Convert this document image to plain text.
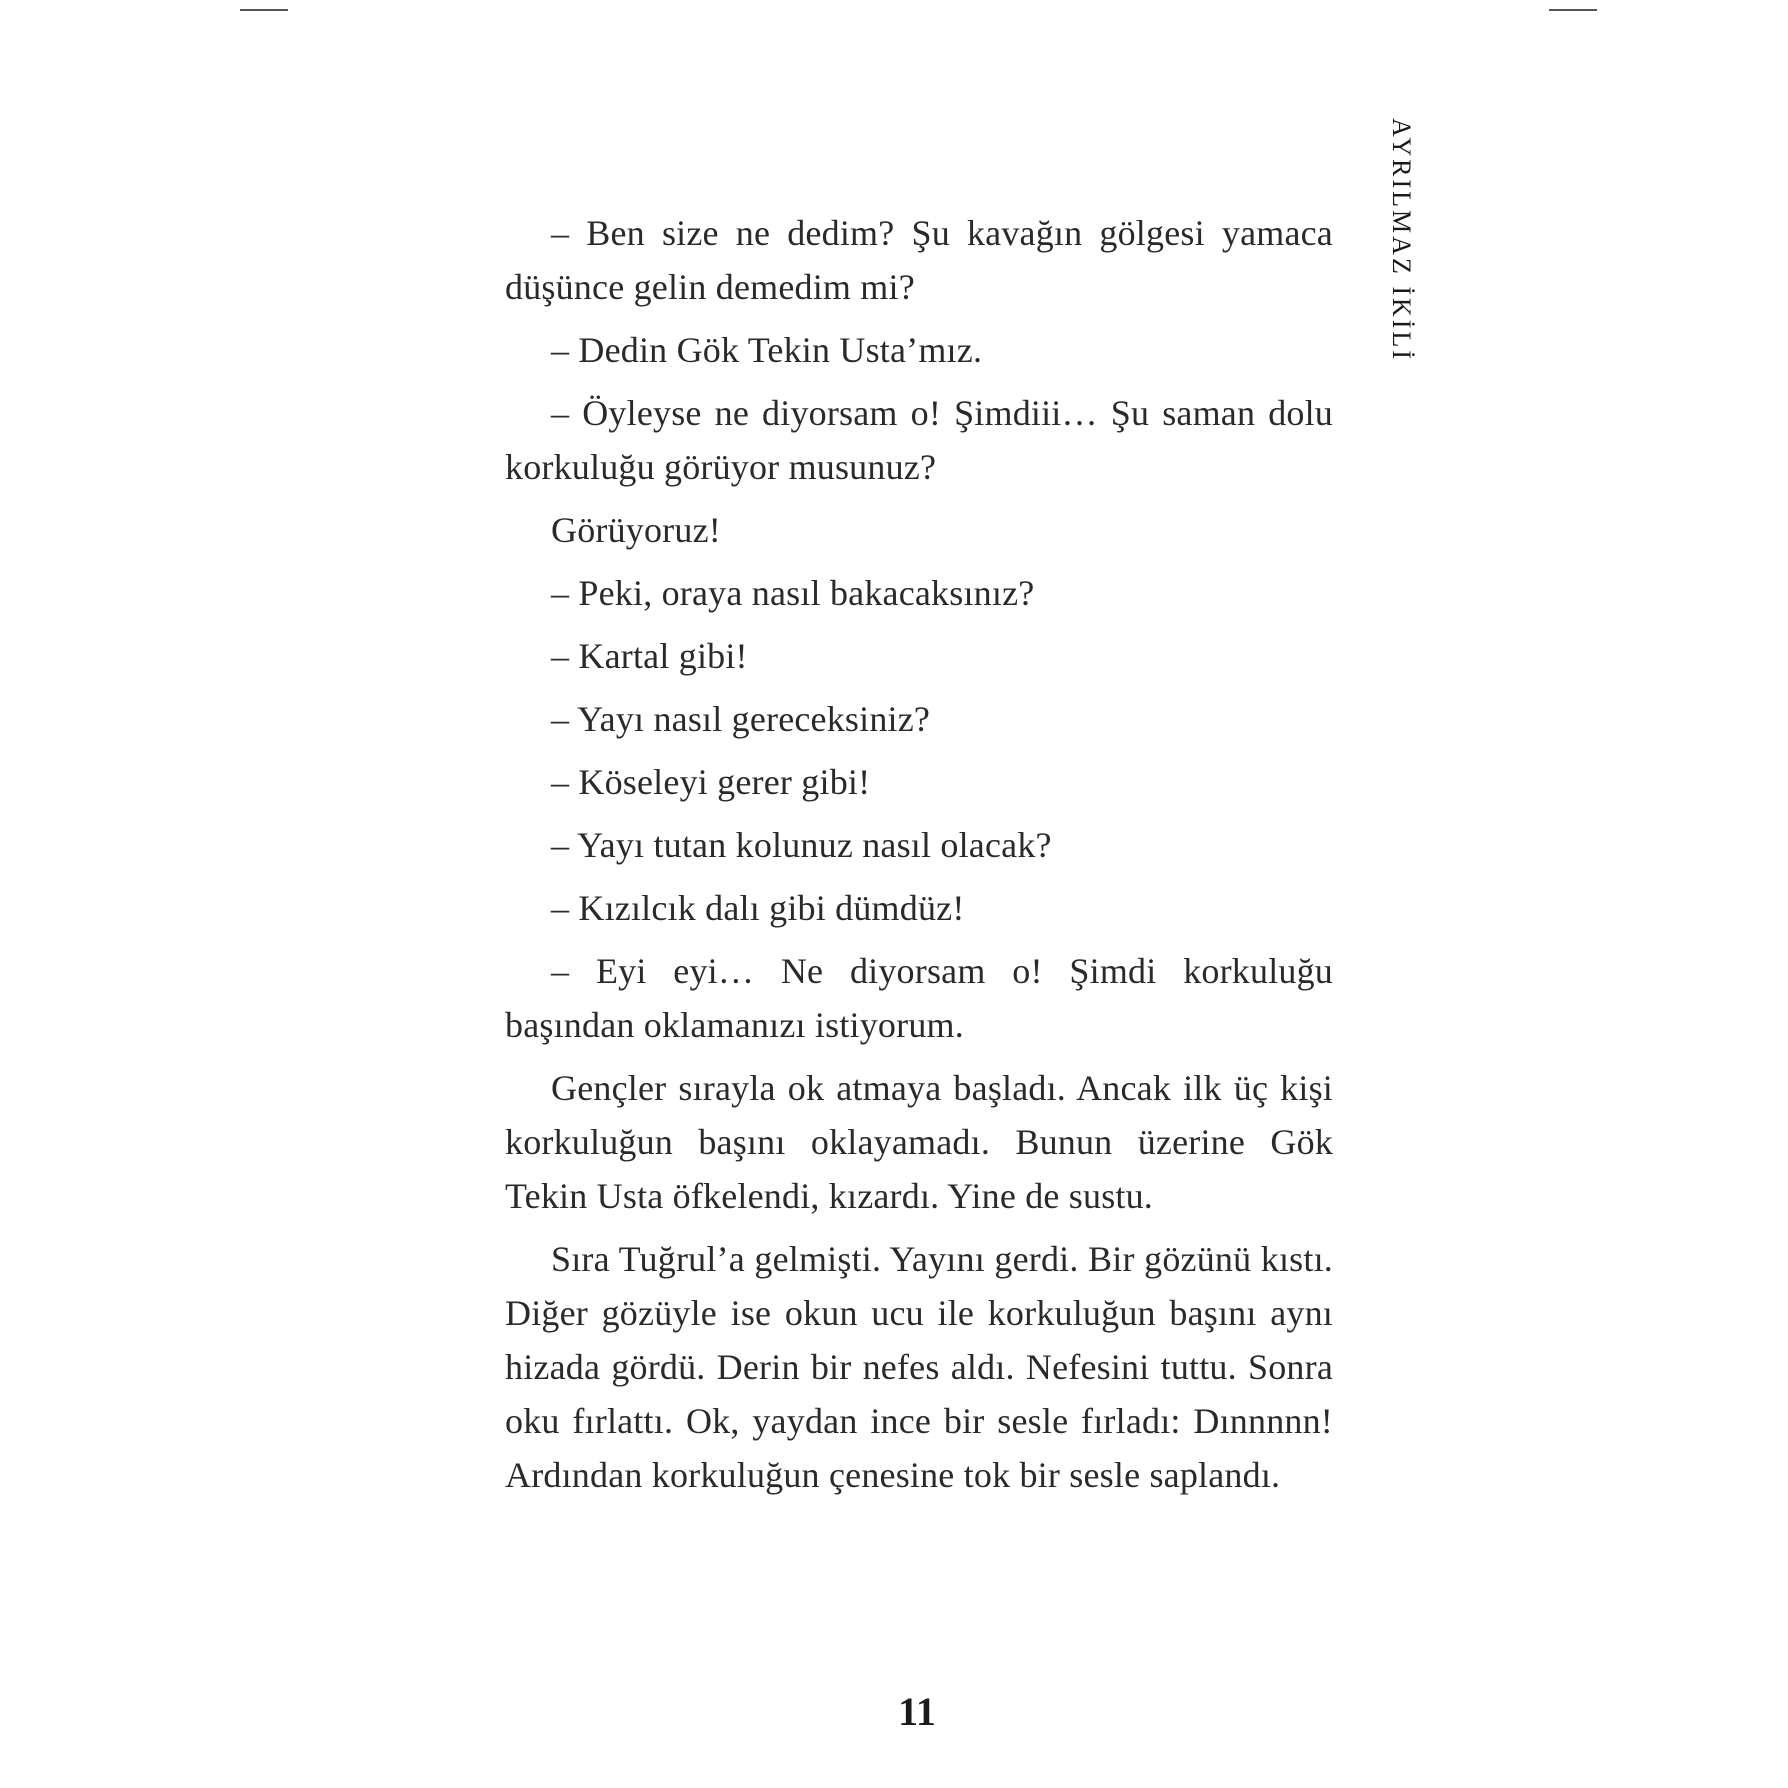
AYRILMAZ İKİLİ

– Ben size ne dedim? Şu kavağın gölgesi yamaca düşünce gelin demedim mi?

– Dedin Gök Tekin Usta’mız.

– Öyleyse ne diyorsam o! Şimdiii… Şu saman dolu korkuluğu görüyor musunuz?

Görüyoruz!

– Peki, oraya nasıl bakacaksınız?

– Kartal gibi!

– Yayı nasıl gereceksiniz?

– Köseleyi gerer gibi!

– Yayı tutan kolunuz nasıl olacak?

– Kızılcık dalı gibi dümdüz!

– Eyi eyi… Ne diyorsam o! Şimdi korkuluğu başından oklamanızı istiyorum.

Gençler sırayla ok atmaya başladı. Ancak ilk üç kişi korkuluğun başını oklayamadı. Bunun üzerine Gök Tekin Usta öfkelendi, kızardı. Yine de sustu.

Sıra Tuğrul’a gelmişti. Yayını gerdi. Bir gözünü kıstı. Diğer gözüyle ise okun ucu ile korkuluğun başını aynı hizada gördü. Derin bir nefes aldı. Nefesini tuttu. Sonra oku fırlattı. Ok, yaydan ince bir sesle fırladı: Dınnnnn! Ardından korkuluğun çenesine tok bir sesle saplandı.

11
